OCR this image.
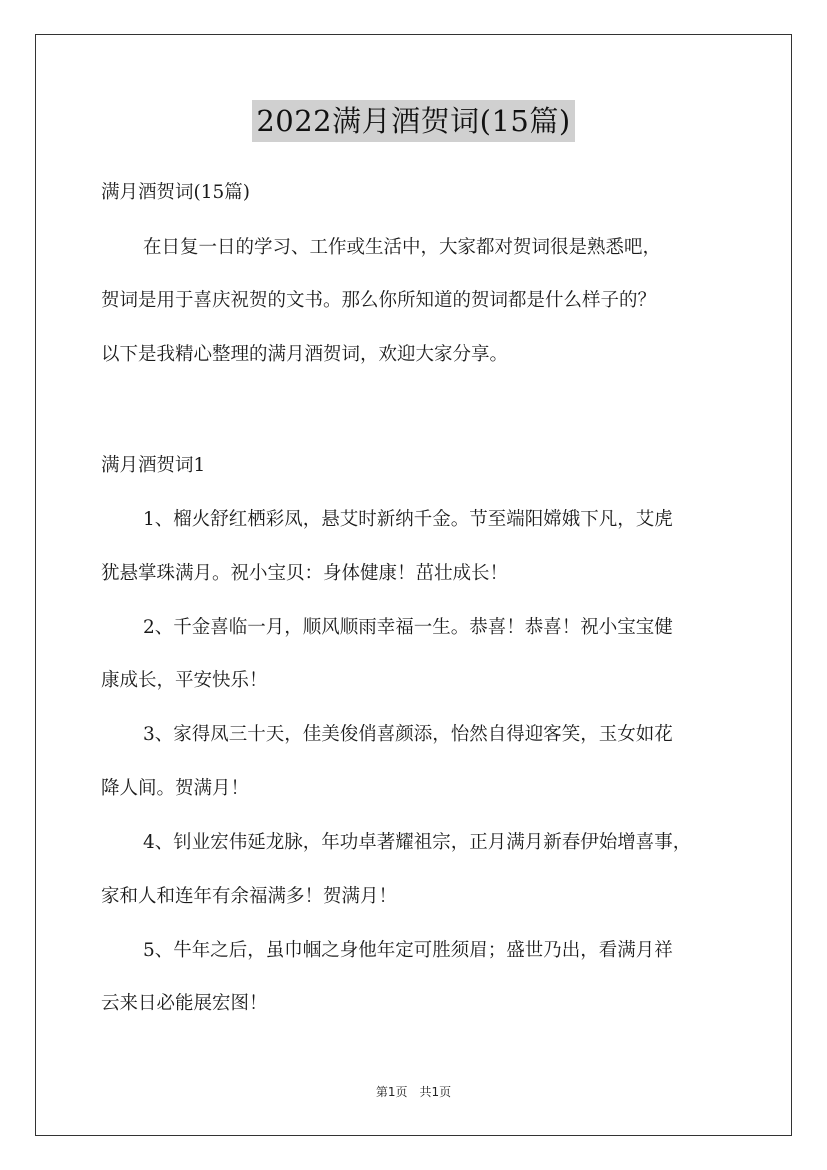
2022满月酒贺词(15篇)
满月酒贺词(15篇)
在日复一日的学习、工作或生活中，大家都对贺词很是熟悉吧，
贺词是用于喜庆祝贺的文书。那么你所知道的贺词都是什么样子的？
以下是我精心整理的满月酒贺词，欢迎大家分享。
满月酒贺词1
1、榴火舒红栖彩凤，悬艾时新纳千金。节至端阳嫦娥下凡，艾虎
犹悬掌珠满月。祝小宝贝：身体健康！茁壮成长！
2、千金喜临一月，顺风顺雨幸福一生。恭喜！恭喜！祝小宝宝健
康成长，平安快乐！
3、家得凤三十天，佳美俊俏喜颜添，怡然自得迎客笑，玉女如花
降人间。贺满月！
4、钊业宏伟延龙脉，年功卓著耀祖宗，正月满月新春伊始增喜事，
家和人和连年有余福满多！贺满月！
5、牛年之后，虽巾帼之身他年定可胜须眉；盛世乃出，看满月祥
云来日必能展宏图！
第1页 共1页
